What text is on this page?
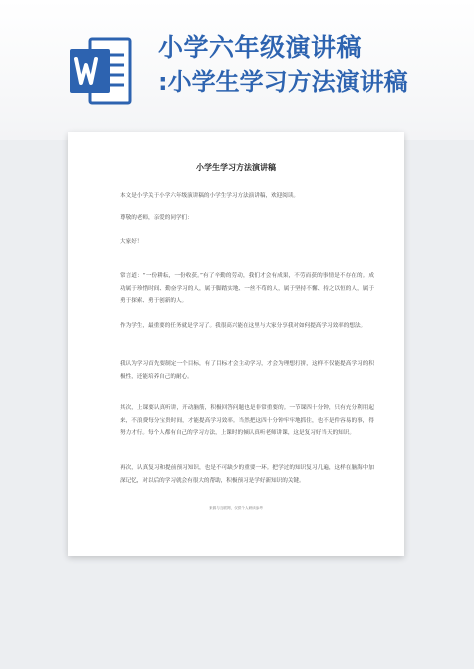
小学六年级演讲稿
:小学生学习方法演讲稿
小学生学习方法演讲稿
本文是小学关于小学六年级演讲稿的小学生学习方法演讲稿，欢迎阅读。
尊敬的老师，亲爱的同学们：
大家好！
常言道：“一份耕耘，一份收获。”有了辛勤的劳动，我们才会有成果，不劳而获的事情是不存在的。成功属于珍惜时间、勤奋学习的人，属于脚踏实地、一丝不苟的人，属于坚持不懈、持之以恒的人，属于勇于探索、勇于创新的人。
作为学生，最重要的任务就是学习了。我很高兴能在这里与大家分享我对如何提高学习效率的想法。
我认为学习首先要制定一个目标，有了目标才会主动学习，才会为理想打拼，这样不仅能提高学习的积极性，还能培养自己的耐心。
其次，上课要认真听讲，开动脑筋，积极回答问题也是非常重要的。一节课四十分钟，只有充分利用起来，不浪费每分宝贵时间，才能提高学习效率。当然把这四十分钟牢牢地抓住，也不是件容易的事，得努力才行。每个人都有自己的学习方法，上课时的倾认真听老师讲课，这是复习好当天的知识。
再次，认真复习和提前预习知识，也是不可缺少的重要一环。把学过的知识复习几遍，这样在脑海中加深记忆，对以后的学习就会有很大的帮助，积极预习是学好新知识的关键。
来源与互联网，仅供个人研读参考
